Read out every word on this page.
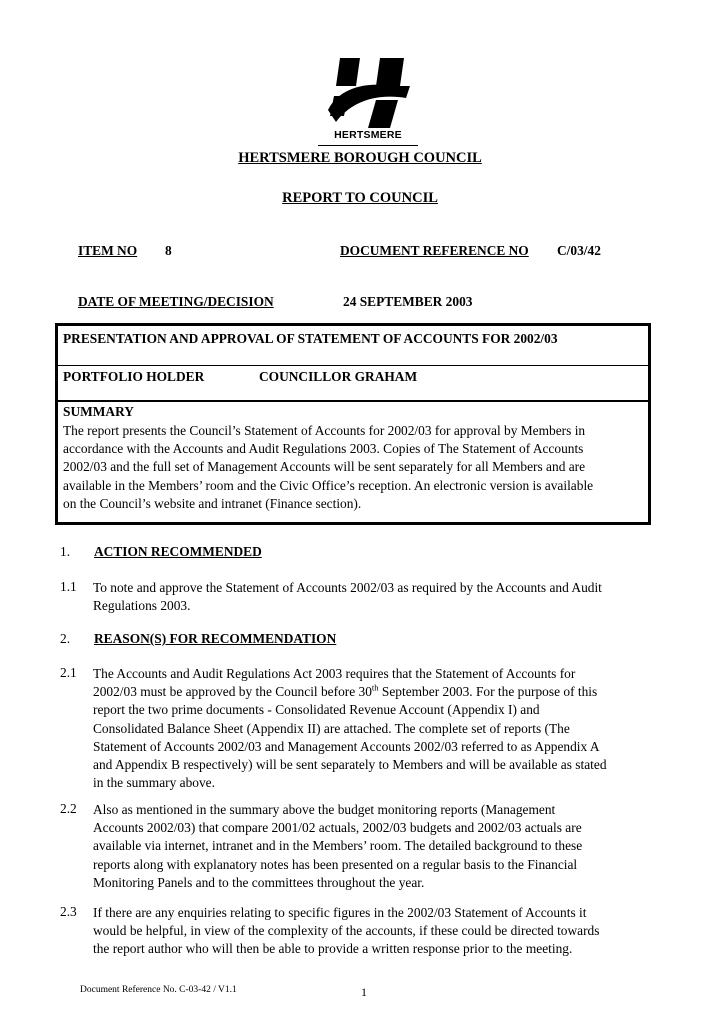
HERTSMERE
HERTSMERE BOROUGH COUNCIL
REPORT TO COUNCIL
ITEM NO 8	DOCUMENT REFERENCE NO C/03/42
DATE OF MEETING/DECISION	24 SEPTEMBER 2003
PRESENTATION AND APPROVAL OF STATEMENT OF ACCOUNTS FOR 2002/03
PORTFOLIO HOLDER	COUNCILLOR GRAHAM
SUMMARY
The report presents the Council’s Statement of Accounts for 2002/03 for approval by Members in
accordance with the Accounts and Audit Regulations 2003. Copies of The Statement of Accounts
2002/03 and the full set of Management Accounts will be sent separately for all Members and are
available in the Members’ room and the Civic Office’s reception. An electronic version is available
on the Council’s website and intranet (Finance section).
1. ACTION RECOMMENDED
1.1 To note and approve the Statement of Accounts 2002/03 as required by the Accounts and Audit
Regulations 2003.
2. REASON(S) FOR RECOMMENDATION
2.1 The Accounts and Audit Regulations Act 2003 requires that the Statement of Accounts for
2002/03 must be approved by the Council before 30th September 2003. For the purpose of this
report the two prime documents - Consolidated Revenue Account (Appendix I) and
Consolidated Balance Sheet (Appendix II) are attached. The complete set of reports (The
Statement of Accounts 2002/03 and Management Accounts 2002/03 referred to as Appendix A
and Appendix B respectively) will be sent separately to Members and will be available as stated
in the summary above.
2.2 Also as mentioned in the summary above the budget monitoring reports (Management
Accounts 2002/03) that compare 2001/02 actuals, 2002/03 budgets and 2002/03 actuals are
available via internet, intranet and in the Members’ room. The detailed background to these
reports along with explanatory notes has been presented on a regular basis to the Financial
Monitoring Panels and to the committees throughout the year.
2.3 If there are any enquiries relating to specific figures in the 2002/03 Statement of Accounts it
would be helpful, in view of the complexity of the accounts, if these could be directed towards
the report author who will then be able to provide a written response prior to the meeting.
Document Reference No. C-03-42 / V1.1	1
